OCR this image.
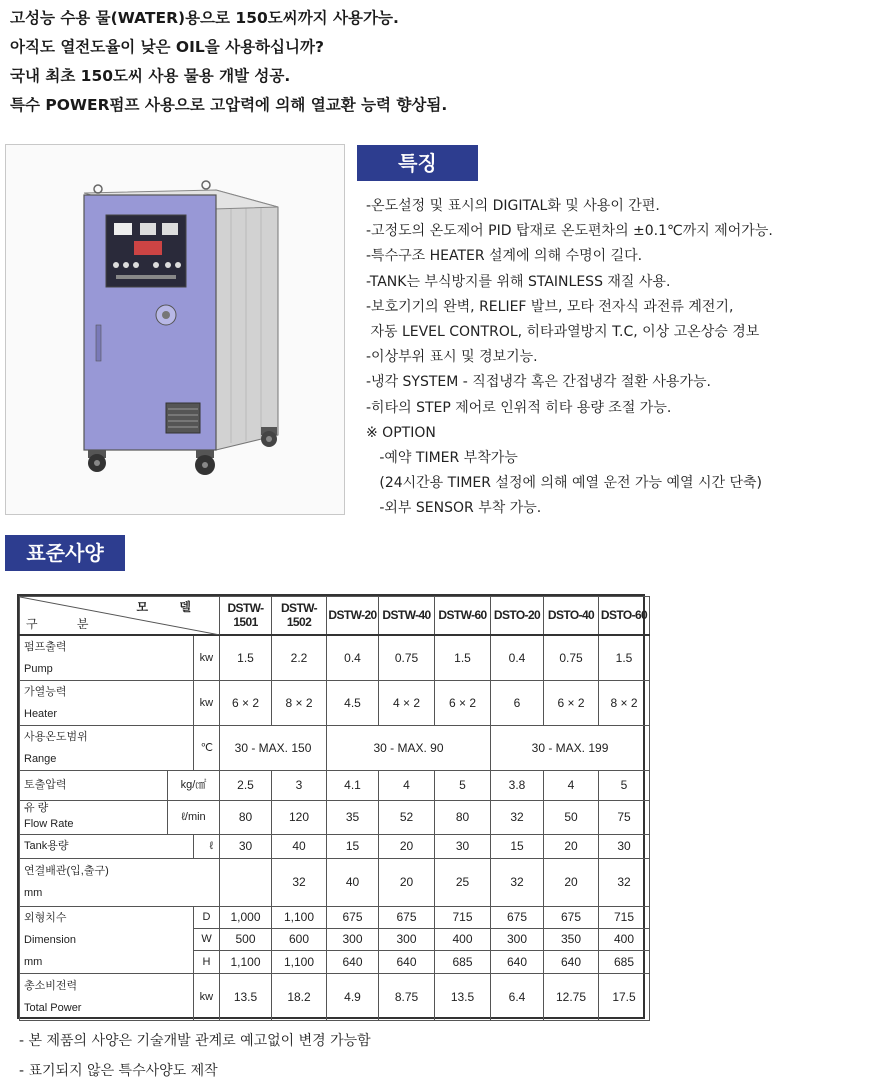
고성능 수용 물(WATER)용으로 150도씨까지 사용가능.
아직도 열전도율이 낮은 OIL을 사용하십니까?
국내 최초 150도씨 사용 물용 개발 성공.
특수 POWER펌프 사용으로 고압력에 의해 열교환 능력 향상됨.
특징
-온도설정 및 표시의 DIGITAL화 및 사용이 간편.
-고정도의 온도제어 PID 탑재로 온도편차의 ±0.1℃까지 제어가능.
-특수구조 HEATER 설계에 의해 수명이 길다.
-TANK는 부식방지를 위해 STAINLESS 재질 사용.
-보호기기의 완벽, RELIEF 발브, 모타 전자식 과전류 계전기,
자동 LEVEL CONTROL, 히타과열방지 T.C, 이상 고온상승 경보
-이상부위 표시 및 경보기능.
-냉각 SYSTEM - 직접냉각 혹은 간접냉각 절환 사용가능.
-히타의 STEP 제어로 인위적 히타 용량 조절 가능.
※ OPTION
-예약 TIMER 부착가능
(24시간용 TIMER 설정에 의해 예열 운전 가능 예열 시간 단축)
-외부 SENSOR 부착 가능.
표준사양
모 델
구 분			DSTW-1501	DSTW-1502	DSTW-20	DSTW-40	DSTW-60	DSTO-20	DSTO-40	DSTO-60

펌프출력
Pump		kw	1.5	2.2	0.4	0.75	1.5	0.4	0.75	1.5

가열능력
Heater		kw	6 × 2	8 × 2	4.5	4 × 2	6 × 2	6	6 × 2	8 × 2

사용온도범위
Range		℃	30 - MAX. 150		30 - MAX. 90			30 - MAX. 199		
토출압력	kg/㎠		2.5	3	4.1	4	5	3.8	4	5

유 량
Flow Rate	ℓ/min		80	120	35	52	80	32	50	75
Tank용량		ℓ	30	40	15	20	30	15	20	30

연결배관(입,출구)
mm				32	40	20	25	32	20	32

외형치수
Dimension
mm		D	1,000	1,100	675	675	715	675	675	715
		W	500	600	300	300	400	300	350	400
		H	1,100	1,100	640	640	685	640	640	685

총소비전력
Total Power		kw	13.5	18.2	4.9	8.75	13.5	6.4	12.75	17.5
- 본 제품의 사양은 기술개발 관계로 예고없이 변경 가능함
- 표기되지 않은 특수사양도 제작
